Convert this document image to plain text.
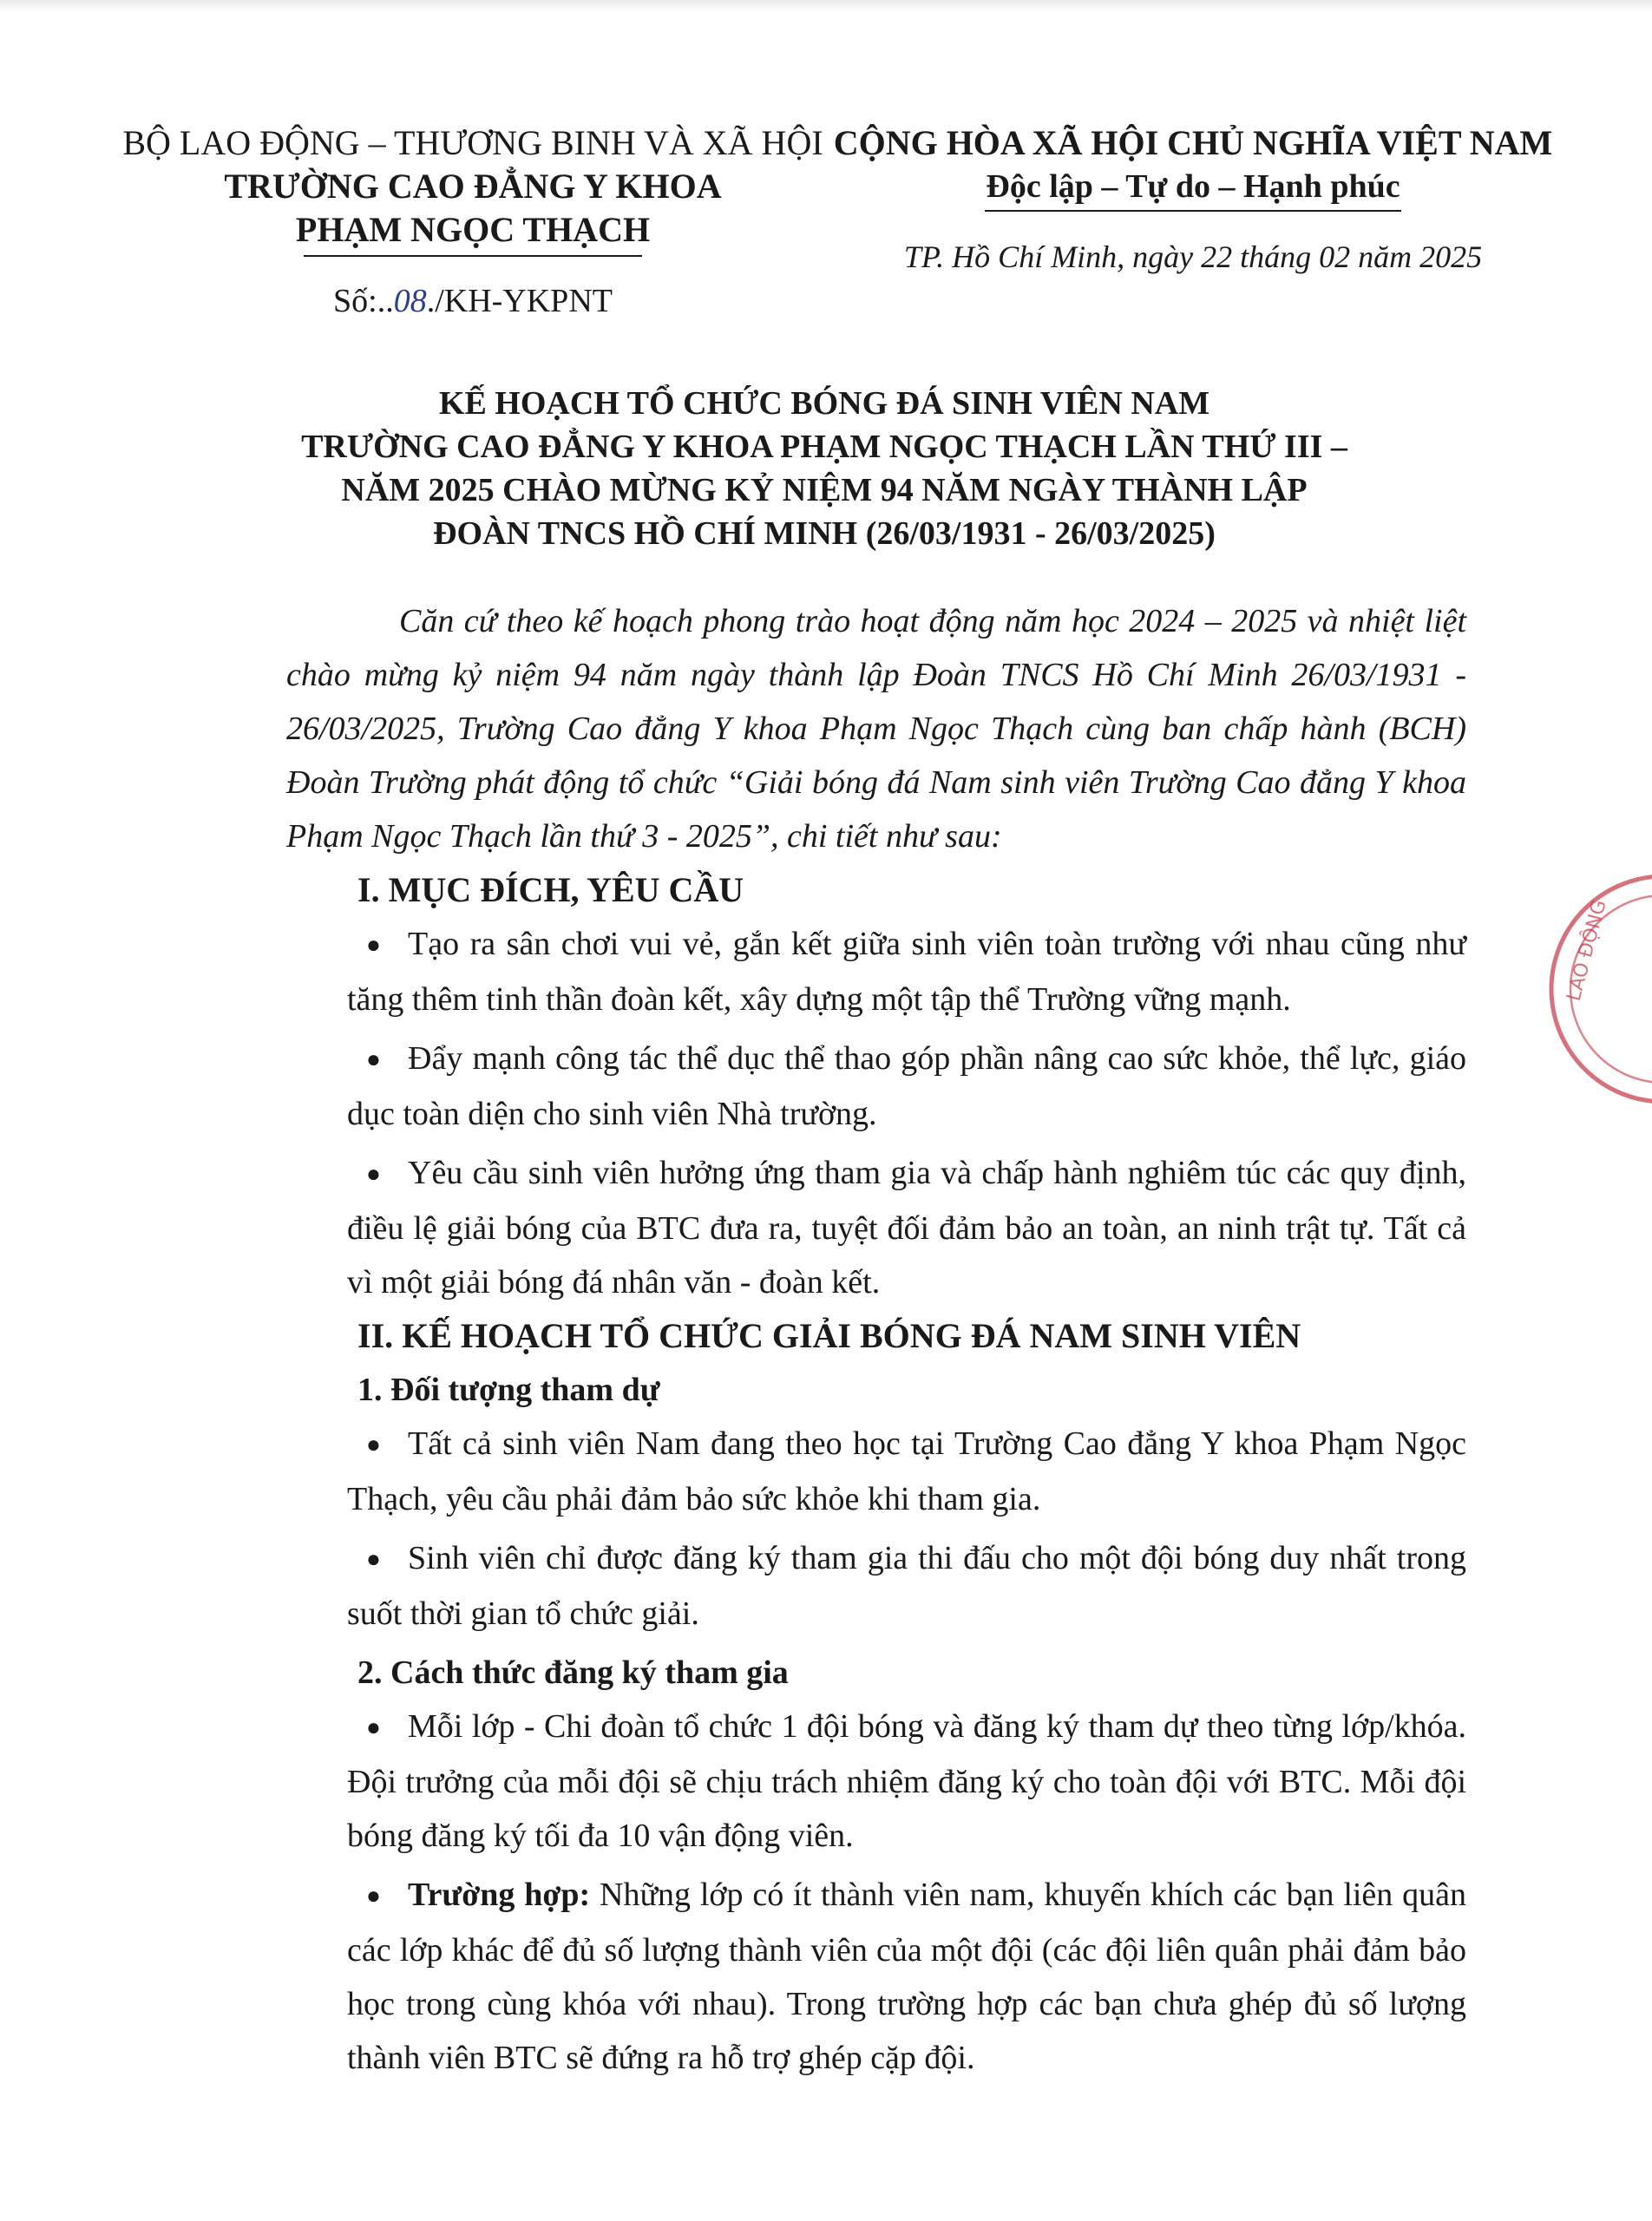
BỘ LAO ĐỘNG – THƯƠNG BINH VÀ XÃ HỘI
TRƯỜNG CAO ĐẲNG Y KHOA
PHẠM NGỌC THẠCH
Số:..08./KH-YKPNT
CỘNG HÒA XÃ HỘI CHỦ NGHĨA VIỆT NAM
Độc lập – Tự do – Hạnh phúc
TP. Hồ Chí Minh, ngày 22 tháng 02 năm 2025
KẾ HOẠCH TỔ CHỨC BÓNG ĐÁ SINH VIÊN NAM
TRƯỜNG CAO ĐẲNG Y KHOA PHẠM NGỌC THẠCH LẦN THỨ III –
NĂM 2025 CHÀO MỪNG KỶ NIỆM 94 NĂM NGÀY THÀNH LẬP
ĐOÀN TNCS HỒ CHÍ MINH (26/03/1931 - 26/03/2025)

Căn cứ theo kế hoạch phong trào hoạt động năm học 2024 – 2025 và nhiệt liệt chào mừng kỷ niệm 94 năm ngày thành lập Đoàn TNCS Hồ Chí Minh 26/03/1931 - 26/03/2025, Trường Cao đẳng Y khoa Phạm Ngọc Thạch cùng ban chấp hành (BCH) Đoàn Trường phát động tổ chức “Giải bóng đá Nam sinh viên Trường Cao đẳng Y khoa Phạm Ngọc Thạch lần thứ 3 - 2025”, chi tiết như sau:

I. MỤC ĐÍCH, YÊU CẦU

● Tạo ra sân chơi vui vẻ, gắn kết giữa sinh viên toàn trường với nhau cũng như tăng thêm tinh thần đoàn kết, xây dựng một tập thể Trường vững mạnh.

● Đẩy mạnh công tác thể dục thể thao góp phần nâng cao sức khỏe, thể lực, giáo dục toàn diện cho sinh viên Nhà trường.

● Yêu cầu sinh viên hưởng ứng tham gia và chấp hành nghiêm túc các quy định, điều lệ giải bóng của BTC đưa ra, tuyệt đối đảm bảo an toàn, an ninh trật tự. Tất cả vì một giải bóng đá nhân văn - đoàn kết.

II. KẾ HOẠCH TỔ CHỨC GIẢI BÓNG ĐÁ NAM SINH VIÊN

1. Đối tượng tham dự

● Tất cả sinh viên Nam đang theo học tại Trường Cao đẳng Y khoa Phạm Ngọc Thạch, yêu cầu phải đảm bảo sức khỏe khi tham gia.

● Sinh viên chỉ được đăng ký tham gia thi đấu cho một đội bóng duy nhất trong suốt thời gian tổ chức giải.

2. Cách thức đăng ký tham gia

● Mỗi lớp - Chi đoàn tổ chức 1 đội bóng và đăng ký tham dự theo từng lớp/khóa. Đội trưởng của mỗi đội sẽ chịu trách nhiệm đăng ký cho toàn đội với BTC. Mỗi đội bóng đăng ký tối đa 10 vận động viên.

● Trường hợp: Những lớp có ít thành viên nam, khuyến khích các bạn liên quân các lớp khác để đủ số lượng thành viên của một đội (các đội liên quân phải đảm bảo học trong cùng khóa với nhau). Trong trường hợp các bạn chưa ghép đủ số lượng thành viên BTC sẽ đứng ra hỗ trợ ghép cặp đội.

LAO ĐỘNG
